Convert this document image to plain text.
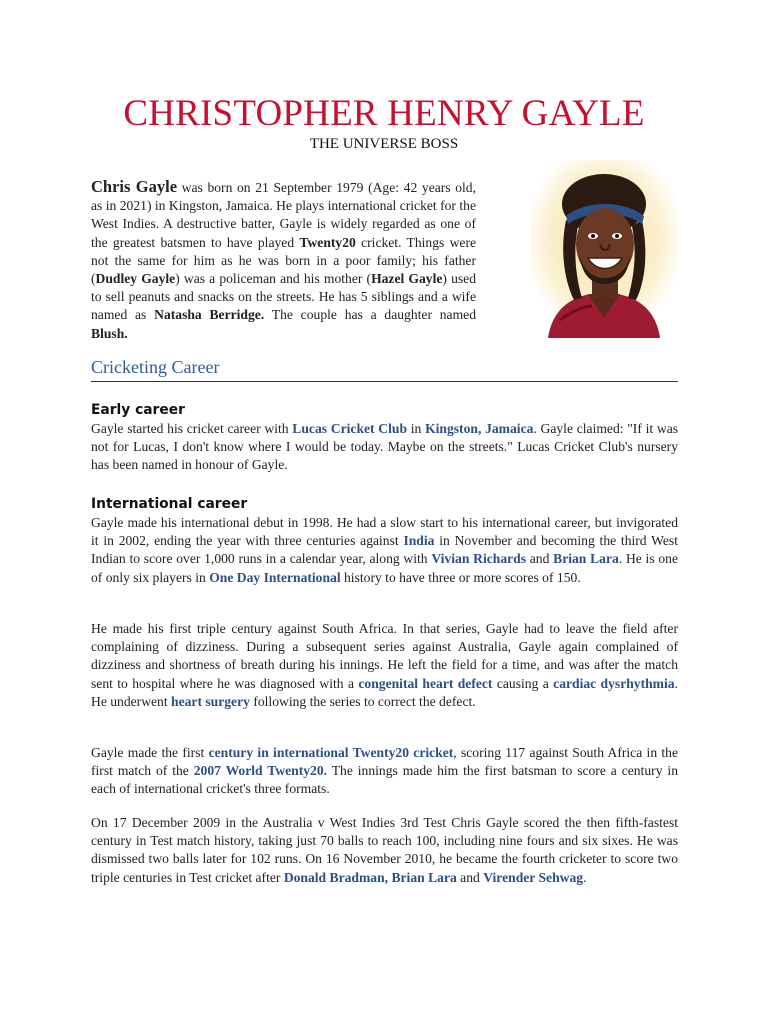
CHRISTOPHER HENRY GAYLE
THE UNIVERSE BOSS
Chris Gayle was born on 21 September 1979 (Age: 42 years old, as in 2021) in Kingston, Jamaica. He plays international cricket for the West Indies. A destructive batter, Gayle is widely regarded as one of the greatest batsmen to have played Twenty20 cricket. Things were not the same for him as he was born in a poor family; his father (Dudley Gayle) was a policeman and his mother (Hazel Gayle) used to sell peanuts and snacks on the streets. He has 5 siblings and a wife named as Natasha Berridge. The couple has a daughter named Blush.
Cricketing Career
Early career
Gayle started his cricket career with Lucas Cricket Club in Kingston, Jamaica. Gayle claimed: "If it was not for Lucas, I don't know where I would be today. Maybe on the streets." Lucas Cricket Club's nursery has been named in honour of Gayle.
International career
Gayle made his international debut in 1998. He had a slow start to his international career, but invigorated it in 2002, ending the year with three centuries against India in November and becoming the third West Indian to score over 1,000 runs in a calendar year, along with Vivian Richards and Brian Lara. He is one of only six players in One Day International history to have three or more scores of 150.
He made his first triple century against South Africa. In that series, Gayle had to leave the field after complaining of dizziness. During a subsequent series against Australia, Gayle again complained of dizziness and shortness of breath during his innings. He left the field for a time, and was after the match sent to hospital where he was diagnosed with a congenital heart defect causing a cardiac dysrhythmia. He underwent heart surgery following the series to correct the defect.
Gayle made the first century in international Twenty20 cricket, scoring 117 against South Africa in the first match of the 2007 World Twenty20. The innings made him the first batsman to score a century in each of international cricket's three formats.
On 17 December 2009 in the Australia v West Indies 3rd Test Chris Gayle scored the then fifth-fastest century in Test match history, taking just 70 balls to reach 100, including nine fours and six sixes. He was dismissed two balls later for 102 runs. On 16 November 2010, he became the fourth cricketer to score two triple centuries in Test cricket after Donald Bradman, Brian Lara and Virender Sehwag.
